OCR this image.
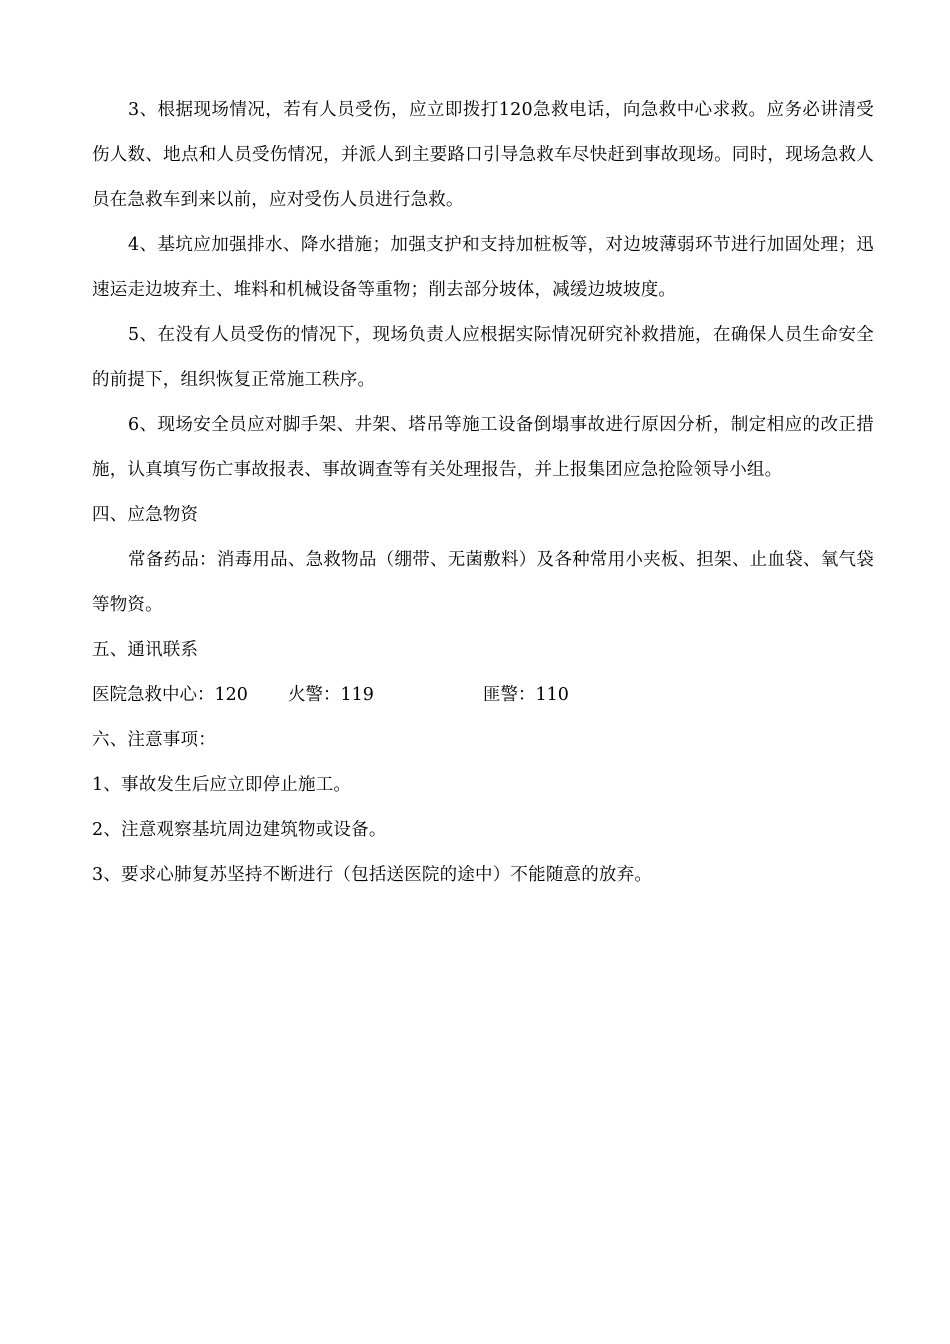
3、根据现场情况，若有人员受伤，应立即拨打120急救电话，向急救中心求救。应务必讲清受伤人数、地点和人员受伤情况，并派人到主要路口引导急救车尽快赶到事故现场。同时，现场急救人员在急救车到来以前，应对受伤人员进行急救。

4、基坑应加强排水、降水措施；加强支护和支持加桩板等，对边坡薄弱环节进行加固处理；迅速运走边坡弃土、堆料和机械设备等重物；削去部分坡体，减缓边坡坡度。

5、在没有人员受伤的情况下，现场负责人应根据实际情况研究补救措施，在确保人员生命安全的前提下，组织恢复正常施工秩序。

6、现场安全员应对脚手架、井架、塔吊等施工设备倒塌事故进行原因分析，制定相应的改正措施，认真填写伤亡事故报表、事故调查等有关处理报告，并上报集团应急抢险领导小组。

四、应急物资

常备药品：消毒用品、急救物品（绷带、无菌敷料）及各种常用小夹板、担架、止血袋、氧气袋等物资。

五、通讯联系

医院急救中心：120 火警：119	匪警：110

六、注意事项：

1、事故发生后应立即停止施工。

2、注意观察基坑周边建筑物或设备。

3、要求心肺复苏坚持不断进行（包括送医院的途中）不能随意的放弃。
